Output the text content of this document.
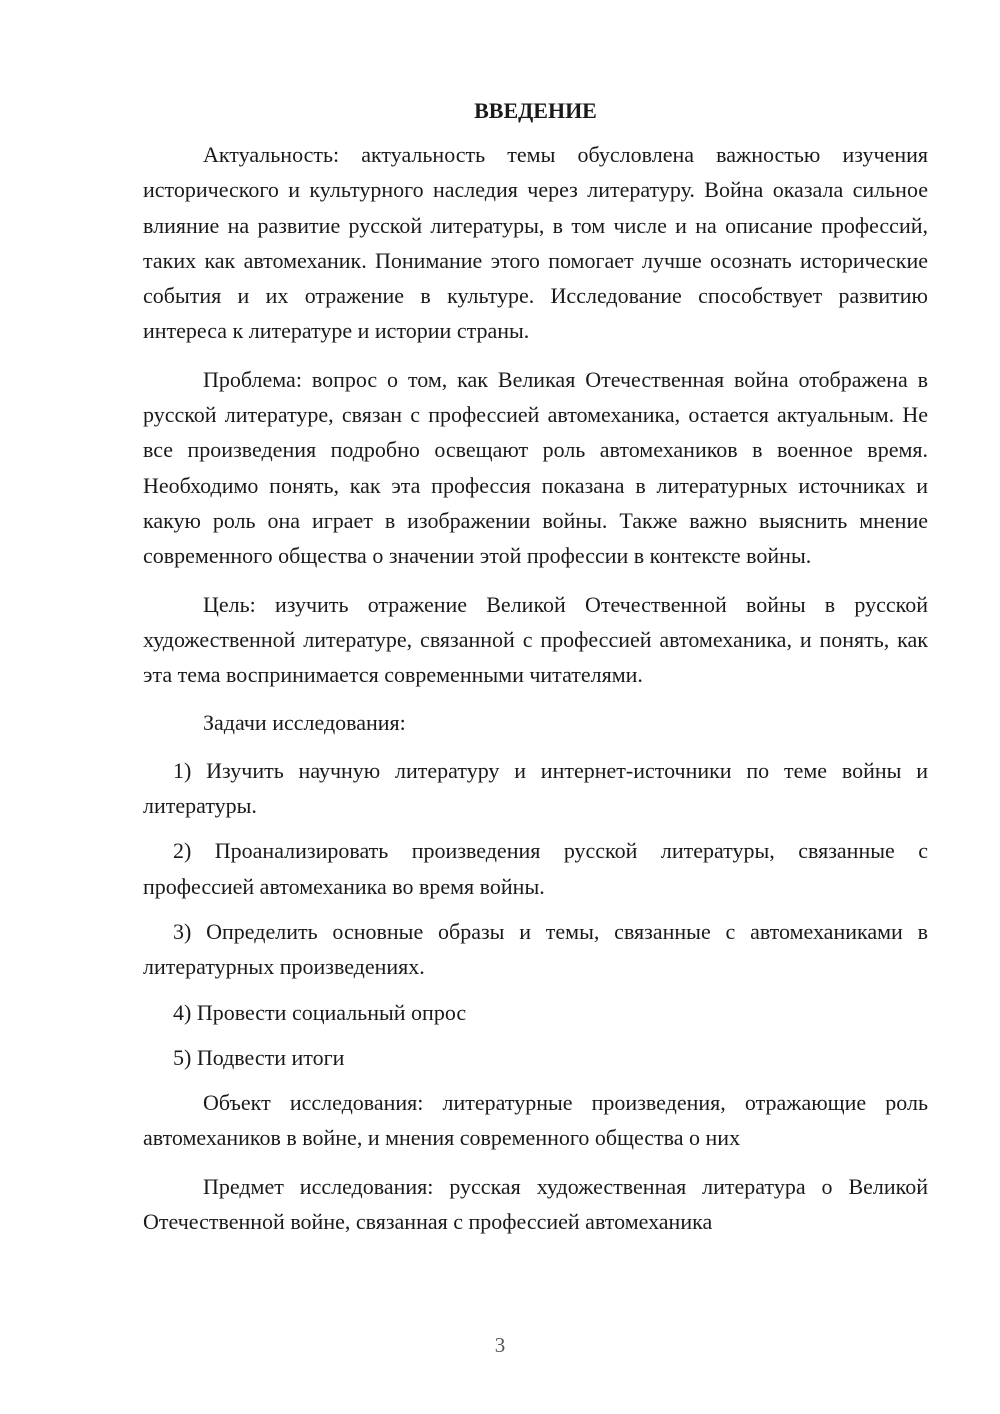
ВВЕДЕНИЕ

Актуальность: актуальность темы обусловлена важностью изучения исторического и культурного наследия через литературу. Война оказала сильное влияние на развитие русской литературы, в том числе и на описание профессий, таких как автомеханик. Понимание этого помогает лучше осознать исторические события и их отражение в культуре. Исследование способствует развитию интереса к литературе и истории страны.

Проблема: вопрос о том, как Великая Отечественная война отображена в русской литературе, связан с профессией автомеханика, остается актуальным. Не все произведения подробно освещают роль автомехаников в военное время. Необходимо понять, как эта профессия показана в литературных источниках и какую роль она играет в изображении войны. Также важно выяснить мнение современного общества о значении этой профессии в контексте войны.

Цель: изучить отражение Великой Отечественной войны в русской художественной литературе, связанной с профессией автомеханика, и понять, как эта тема воспринимается современными читателями.

Задачи исследования:

1) Изучить научную литературу и интернет-источники по теме войны и литературы.

2) Проанализировать произведения русской литературы, связанные с профессией автомеханика во время войны.

3) Определить основные образы и темы, связанные с автомеханиками в литературных произведениях.

4) Провести социальный опрос

5) Подвести итоги

Объект исследования: литературные произведения, отражающие роль автомехаников в войне, и мнения современного общества о них

Предмет исследования: русская художественная литература о Великой Отечественной войне, связанная с профессией автомеханика

3
